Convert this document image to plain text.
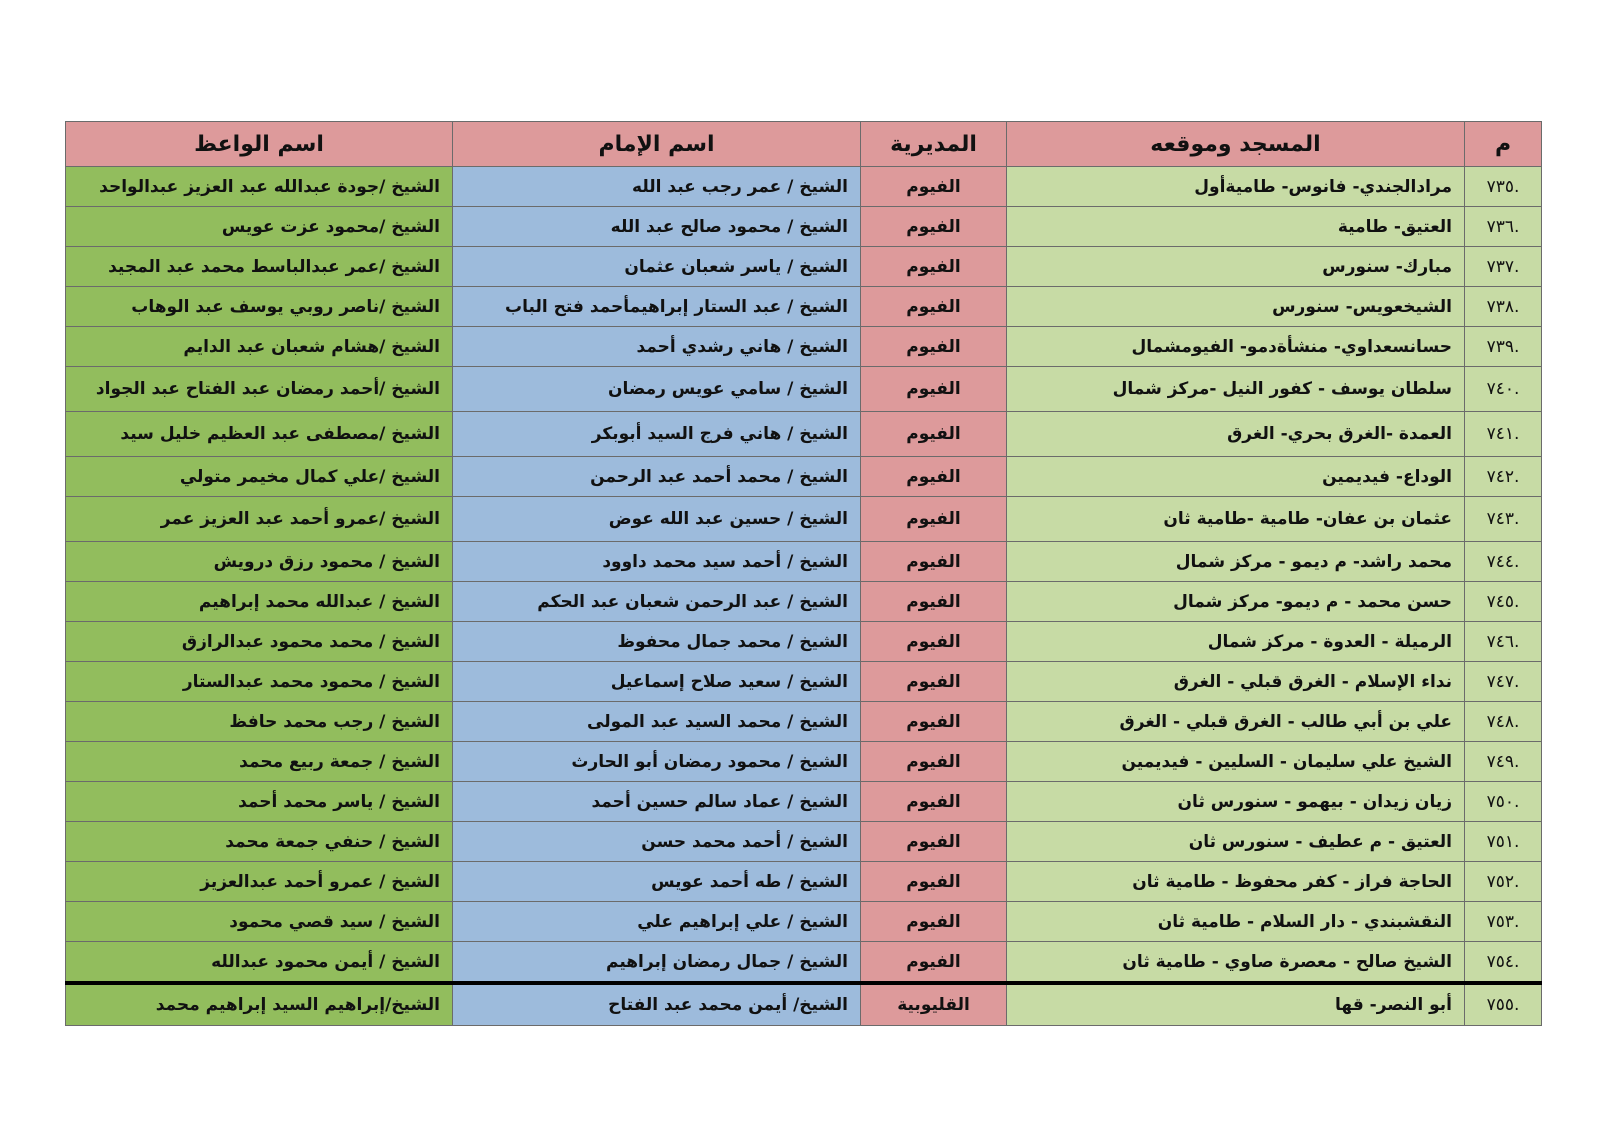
م	المسجد وموقعه	المديرية	اسم الإمام	اسم الواعظ
٧٣٥.	مرادالجندي- فانوس- طاميةأول	الفيوم	الشيخ / عمر رجب عبد الله	الشيخ /جودة عبدالله عبد العزيز عبدالواحد
٧٣٦.	العتيق- طامية	الفيوم	الشيخ / محمود صالح عبد الله	الشيخ /محمود عزت عويس
٧٣٧.	مبارك- سنورس	الفيوم	الشيخ / ياسر شعبان عثمان	الشيخ /عمر عبدالباسط محمد عبد المجيد
٧٣٨.	الشيخعويس- سنورس	الفيوم	الشيخ / عبد الستار إبراهيمأحمد فتح الباب	الشيخ /ناصر روبي يوسف عبد الوهاب
٧٣٩.	حسانسعداوي- منشأةدمو- الفيومشمال	الفيوم	الشيخ / هاني رشدي أحمد	الشيخ /هشام شعبان عبد الدايم
٧٤٠.	سلطان يوسف - كفور النيل -مركز شمال	الفيوم	الشيخ / سامي عويس رمضان	الشيخ /أحمد رمضان عبد الفتاح عبد الجواد
٧٤١.	العمدة -الغرق بحري- الغرق	الفيوم	الشيخ / هاني فرج السيد أبوبكر	الشيخ /مصطفى عبد العظيم خليل سيد
٧٤٢.	الوداع- فيديمين	الفيوم	الشيخ / محمد أحمد عبد الرحمن	الشيخ /علي كمال مخيمر متولي
٧٤٣.	عثمان بن عفان- طامية -طامية ثان	الفيوم	الشيخ / حسين عبد الله عوض	الشيخ /عمرو أحمد عبد العزيز عمر
٧٤٤.	محمد راشد- م ديمو - مركز شمال	الفيوم	الشيخ / أحمد سيد محمد داوود	الشيخ / محمود رزق درويش
٧٤٥.	حسن محمد - م ديمو- مركز شمال	الفيوم	الشيخ / عبد الرحمن شعبان عبد الحكم	الشيخ / عبدالله محمد إبراهيم
٧٤٦.	الرميلة - العدوة - مركز شمال	الفيوم	الشيخ / محمد جمال محفوظ	الشيخ / محمد محمود عبدالرازق
٧٤٧.	نداء الإسلام - الغرق قبلي - الغرق	الفيوم	الشيخ / سعيد صلاح إسماعيل	الشيخ / محمود محمد عبدالستار
٧٤٨.	علي بن أبي طالب - الغرق قبلي - الغرق	الفيوم	الشيخ / محمد السيد عبد المولى	الشيخ / رجب محمد حافظ
٧٤٩.	الشيخ علي سليمان - السليين - فيديمين	الفيوم	الشيخ / محمود رمضان أبو الحارث	الشيخ / جمعة ربيع محمد
٧٥٠.	زيان زيدان - بيهمو - سنورس ثان	الفيوم	الشيخ / عماد سالم حسين أحمد	الشيخ / ياسر محمد أحمد
٧٥١.	العتيق - م عطيف - سنورس ثان	الفيوم	الشيخ / أحمد محمد حسن	الشيخ / حنفي جمعة محمد
٧٥٢.	الحاجة فراز - كفر محفوظ - طامية ثان	الفيوم	الشيخ / طه أحمد عويس	الشيخ / عمرو أحمد عبدالعزيز
٧٥٣.	النقشبندي - دار السلام - طامية ثان	الفيوم	الشيخ / علي إبراهيم علي	الشيخ / سيد قصي محمود
٧٥٤.	الشيخ صالح - معصرة صاوي - طامية ثان	الفيوم	الشيخ / جمال رمضان إبراهيم	الشيخ / أيمن محمود عبدالله
٧٥٥.	أبو النصر- قها	القليوبية	الشيخ/ أيمن محمد عبد الفتاح	الشيخ/إبراهيم السيد إبراهيم محمد
